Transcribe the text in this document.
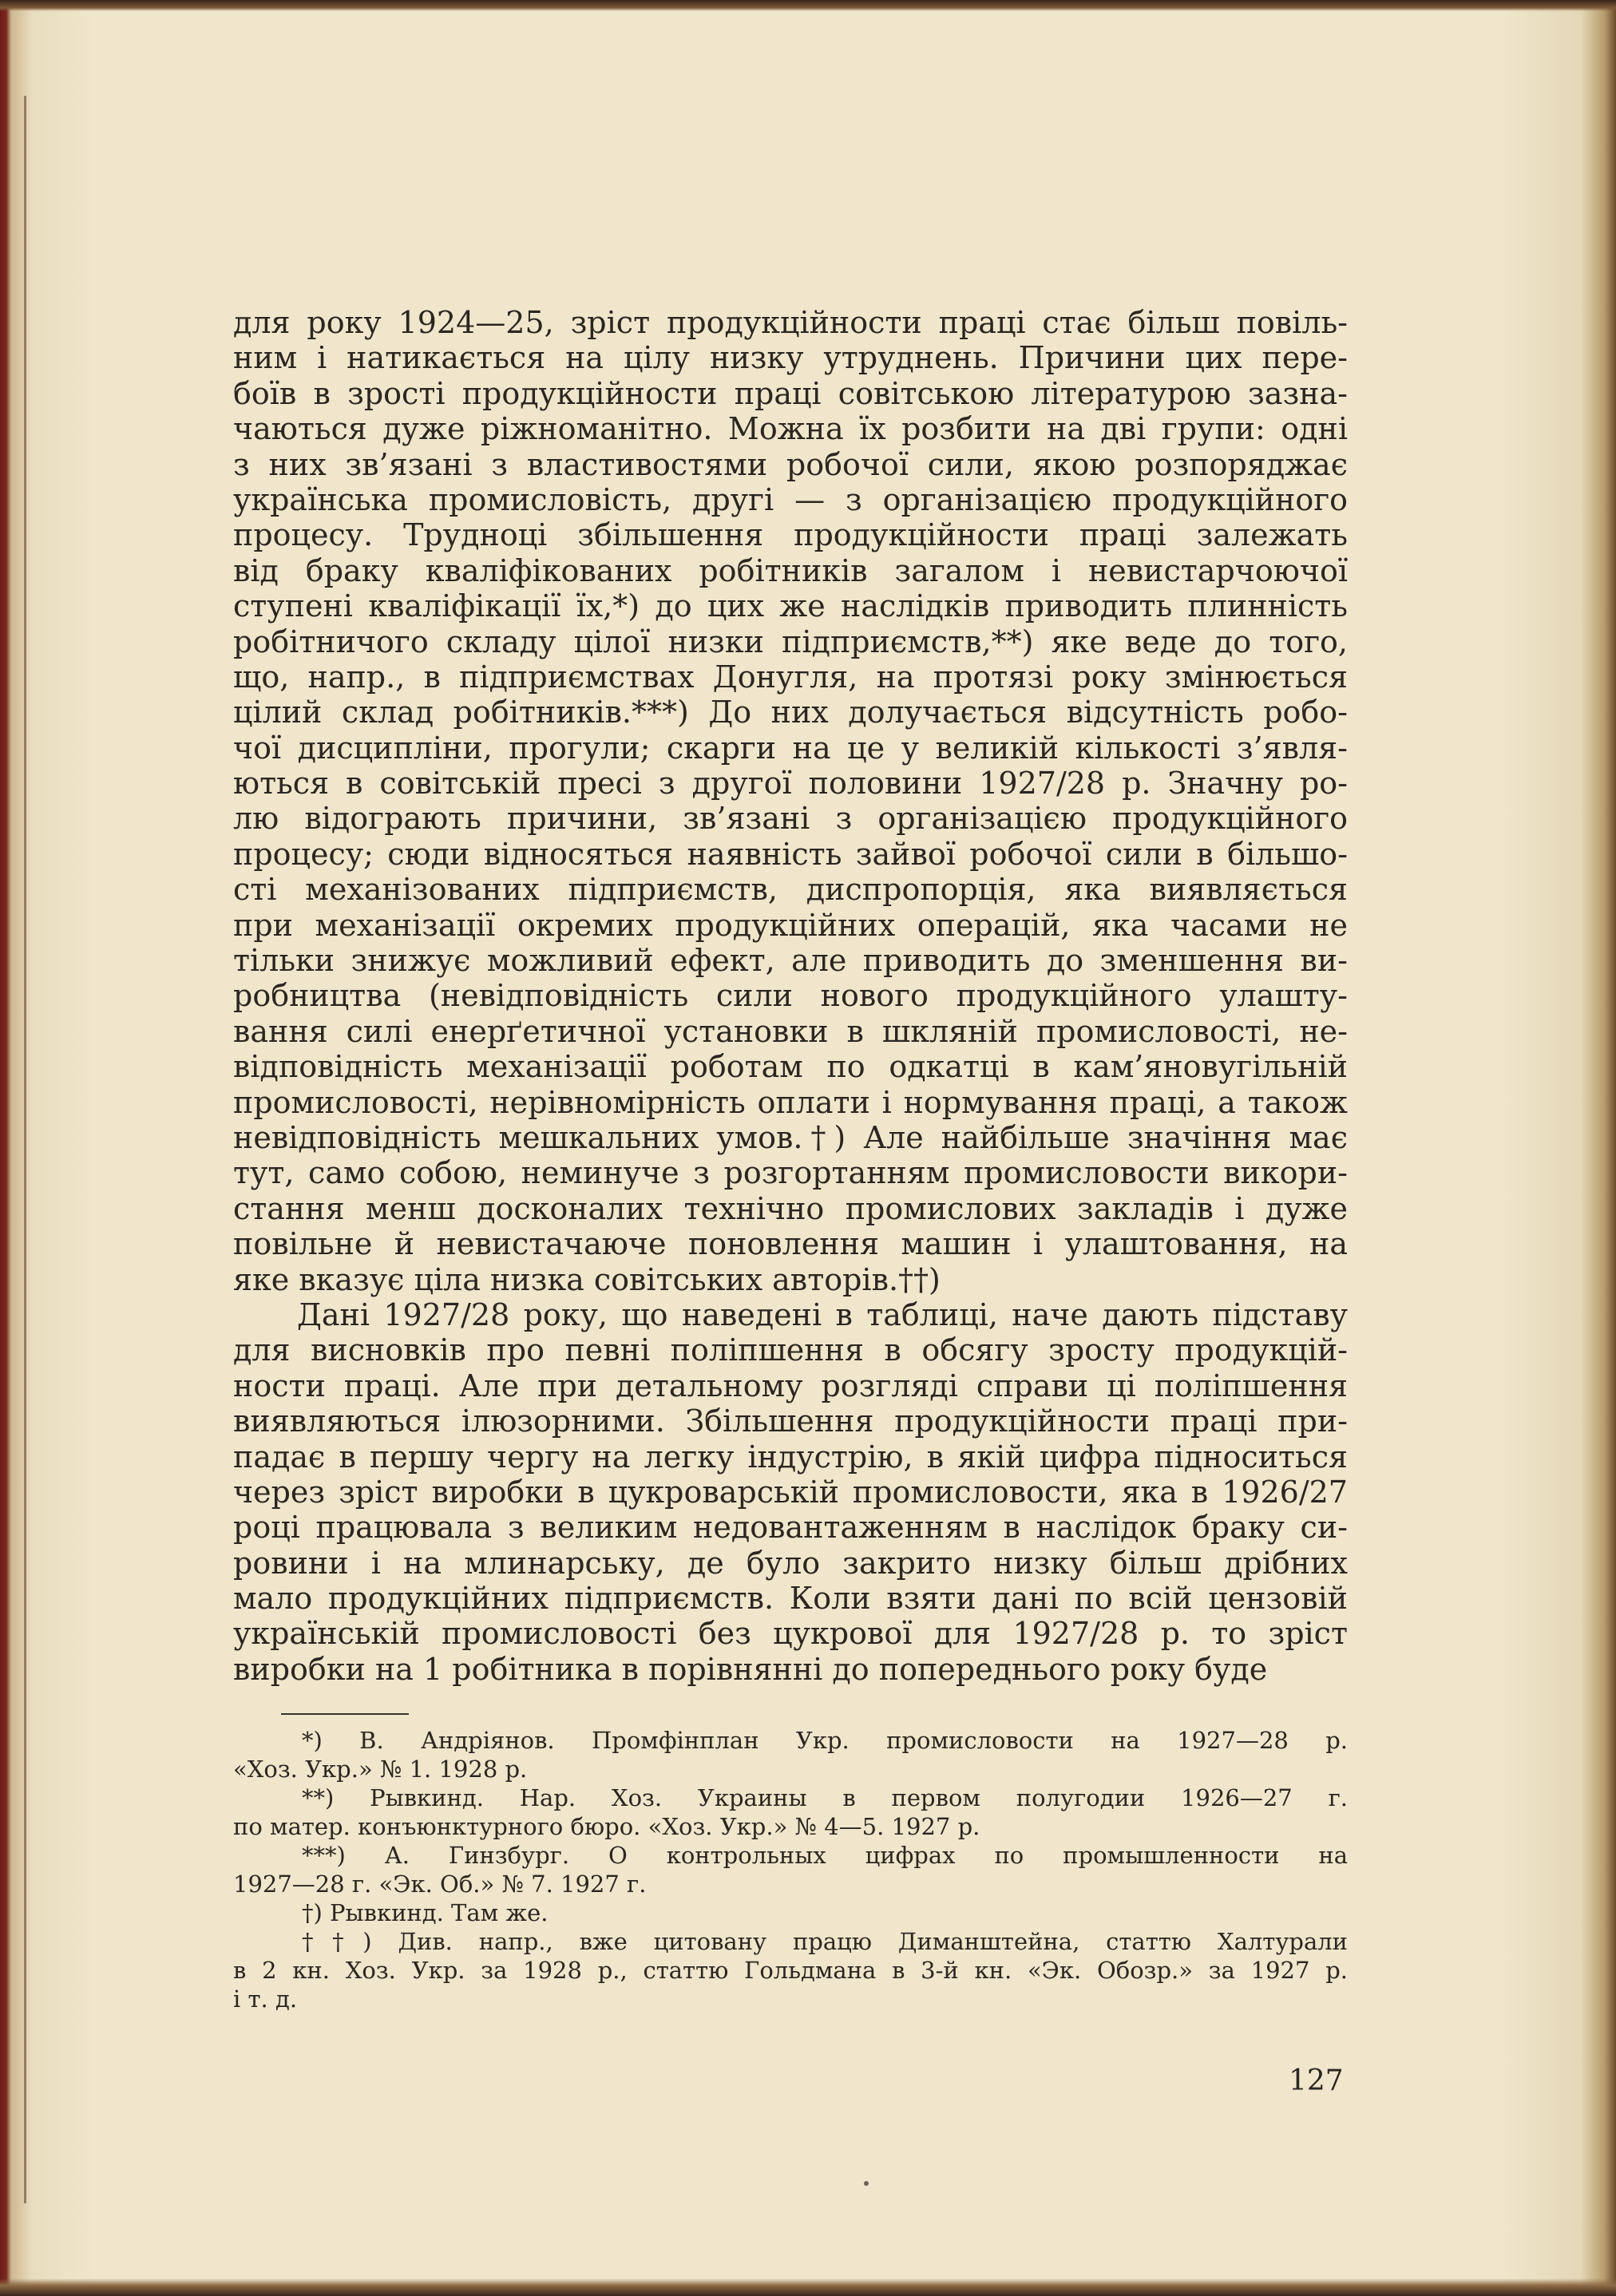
для року 1924—25, зріст продукційности праці стає більш повіль-
ним і натикається на цілу низку утруднень. Причини цих пере-
боїв в зрості продукційности праці совітською літературою зазна-
чаються дуже ріжноманітно. Можна їх розбити на дві групи: одні
з них зв’язані з властивостями робочої сили, якою розпоряджає
українська промисловість, другі — з організацією продукційного
процесу. Трудноці збільшення продукційности праці залежать
від браку кваліфікованих робітників загалом і невистарчоючої
ступені кваліфікації їх,*) до цих же наслідків приводить плинність
робітничого складу цілої низки підприємств,**) яке веде до того,
що, напр., в підприємствах Донугля, на протязі року змінюється
цілий склад робітників.***) До них долучається відсутність робо-
чої дисципліни, прогули; скарги на це у великій кількості з’явля-
ються в совітській пресі з другої половини 1927/28 р. Значну ро-
лю відограють причини, зв’язані з організацією продукційного
процесу; сюди відносяться наявність зайвої робочої сили в більшо-
сті механізованих підприємств, диспропорція, яка виявляється
при механізації окремих продукційних операцій, яка часами не
тільки знижує можливий ефект, але приводить до зменшення ви-
робництва (невідповідність сили нового продукційного улашту-
вання силі енерґетичної установки в шкляній промисловості, не-
відповідність механізації роботам по одкатці в кам’яновугільній
промисловості, нерівномірність оплати і нормування праці, а також
невідповідність мешкальних умов.†) Але найбільше значіння має
тут, само собою, неминуче з розгортанням промисловости викори-
стання менш досконалих технічно промислових закладів і дуже
повільне й невистачаюче поновлення машин і улаштовання, на
яке вказує ціла низка совітських авторів.††)
Дані 1927/28 року, що наведені в таблиці, наче дають підставу
для висновків про певні поліпшення в обсягу зросту продукцій-
ности праці. Але при детальному розгляді справи ці поліпшення
виявляються ілюзорними. Збільшення продукційности праці при-
падає в першу чергу на легку індустрію, в якій цифра підноситься
через зріст виробки в цукроварській промисловости, яка в 1926/27
році працювала з великим недовантаженням в наслідок браку си-
ровини і на млинарську, де було закрито низку більш дрібних
мало продукційних підприємств. Коли взяти дані по всій цензовій
українській промисловості без цукрової для 1927/28 р. то зріст
виробки на 1 робітника в порівнянні до попереднього року буде
*) В. Андріянов. Промфінплан Укр. промисловости на 1927—28 р.
«Хоз. Укр.» № 1. 1928 р.
**) Рывкинд. Нар. Хоз. Украины в первом полугодии 1926—27 г.
по матер. конъюнктурного бюро. «Хоз. Укр.» № 4—5. 1927 р.
***) А. Гинзбург. О контрольных цифрах по промышленности на
1927—28 г. «Эк. Об.» № 7. 1927 г.
†) Рывкинд. Там же.
††) Див. напр., вже цитовану працю Диманштейна, статтю Халтурали
в 2 кн. Хоз. Укр. за 1928 р., статтю Гольдмана в 3-й кн. «Эк. Обозр.» за 1927 р.
і т. д.
127
